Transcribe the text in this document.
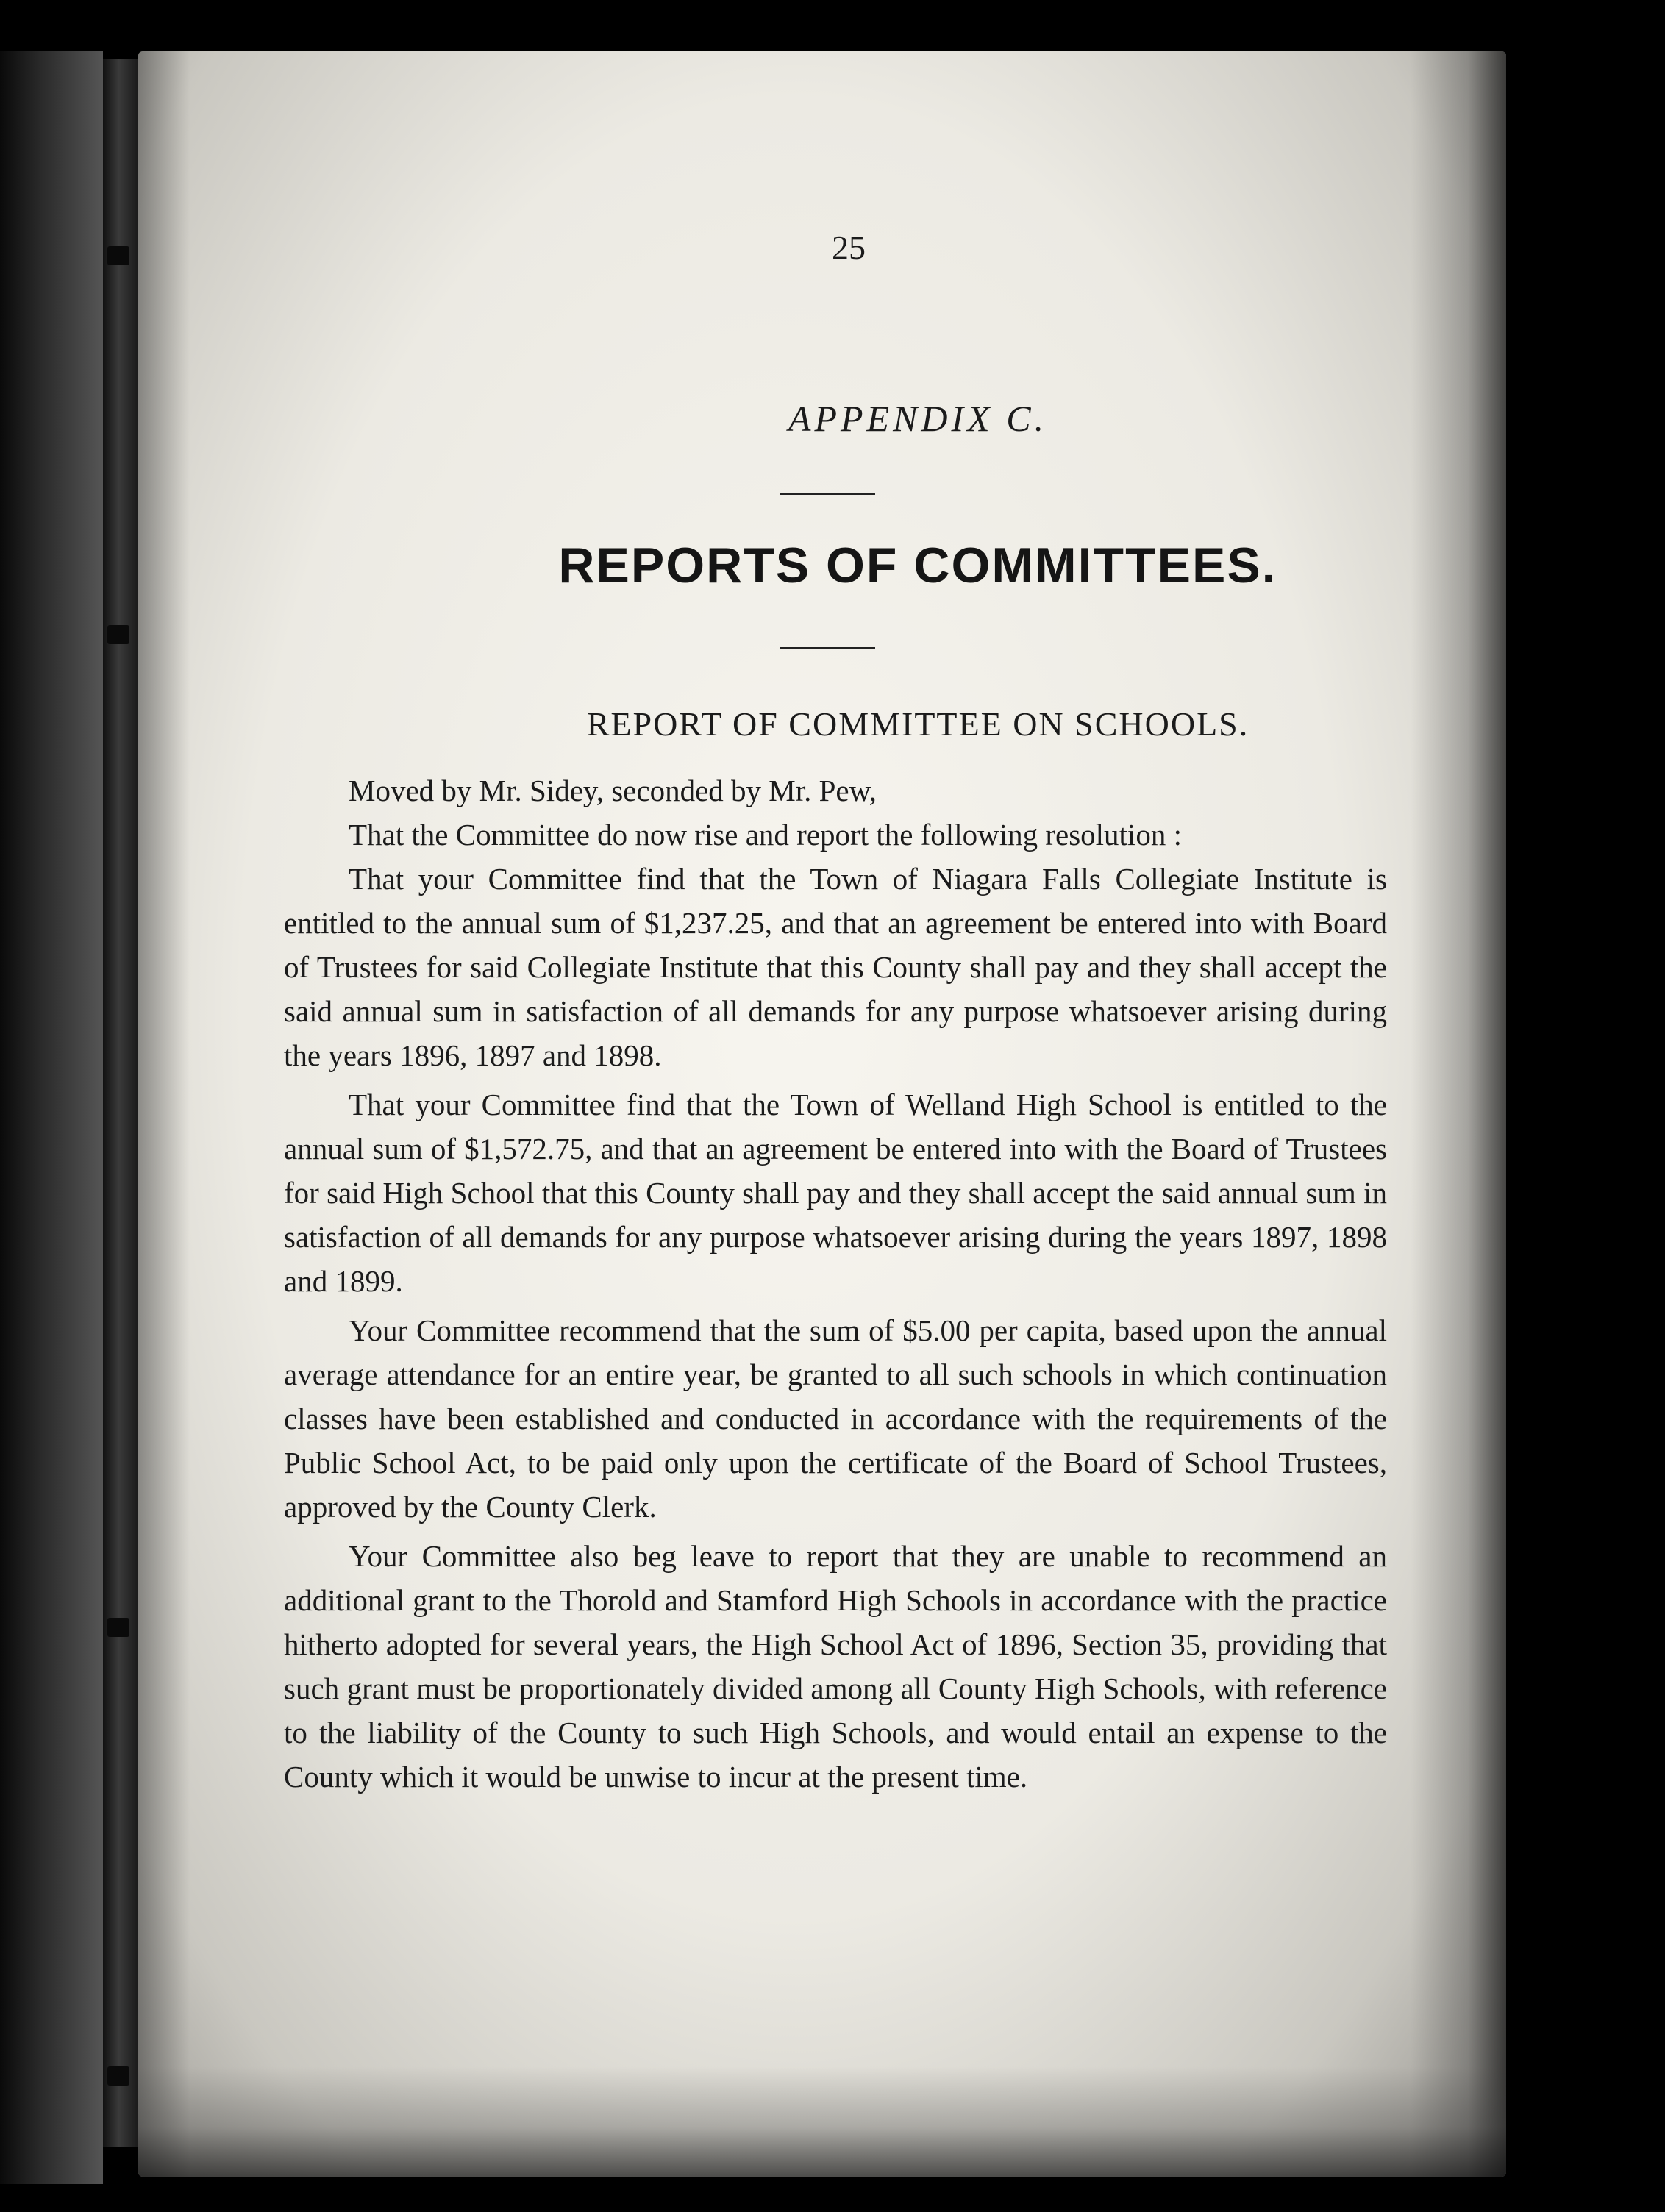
25
APPENDIX C.
REPORTS OF COMMITTEES.
REPORT OF COMMITTEE ON SCHOOLS.

Moved by Mr. Sidey, seconded by Mr. Pew,

That the Committee do now rise and report the following resolution :

That your Committee find that the Town of Niagara Falls Collegiate Institute is entitled to the annual sum of $1,237.25, and that an agreement be entered into with Board of Trustees for said Collegiate Institute that this County shall pay and they shall accept the said annual sum in satisfaction of all demands for any purpose whatsoever arising during the years 1896, 1897 and 1898.

That your Committee find that the Town of Welland High School is entitled to the annual sum of $1,572.75, and that an agreement be entered into with the Board of Trustees for said High School that this County shall pay and they shall accept the said annual sum in satisfaction of all demands for any purpose whatsoever arising during the years 1897, 1898 and 1899.

Your Committee recommend that the sum of $5.00 per capita, based upon the annual average attendance for an entire year, be granted to all such schools in which continuation classes have been established and conducted in accordance with the requirements of the Public School Act, to be paid only upon the certificate of the Board of School Trustees, approved by the County Clerk.

Your Committee also beg leave to report that they are unable to recommend an additional grant to the Thorold and Stamford High Schools in accordance with the practice hitherto adopted for several years, the High School Act of 1896, Section 35, providing that such grant must be proportionately divided among all County High Schools, with reference to the liability of the County to such High Schools, and would entail an expense to the County which it would be unwise to incur at the present time.
